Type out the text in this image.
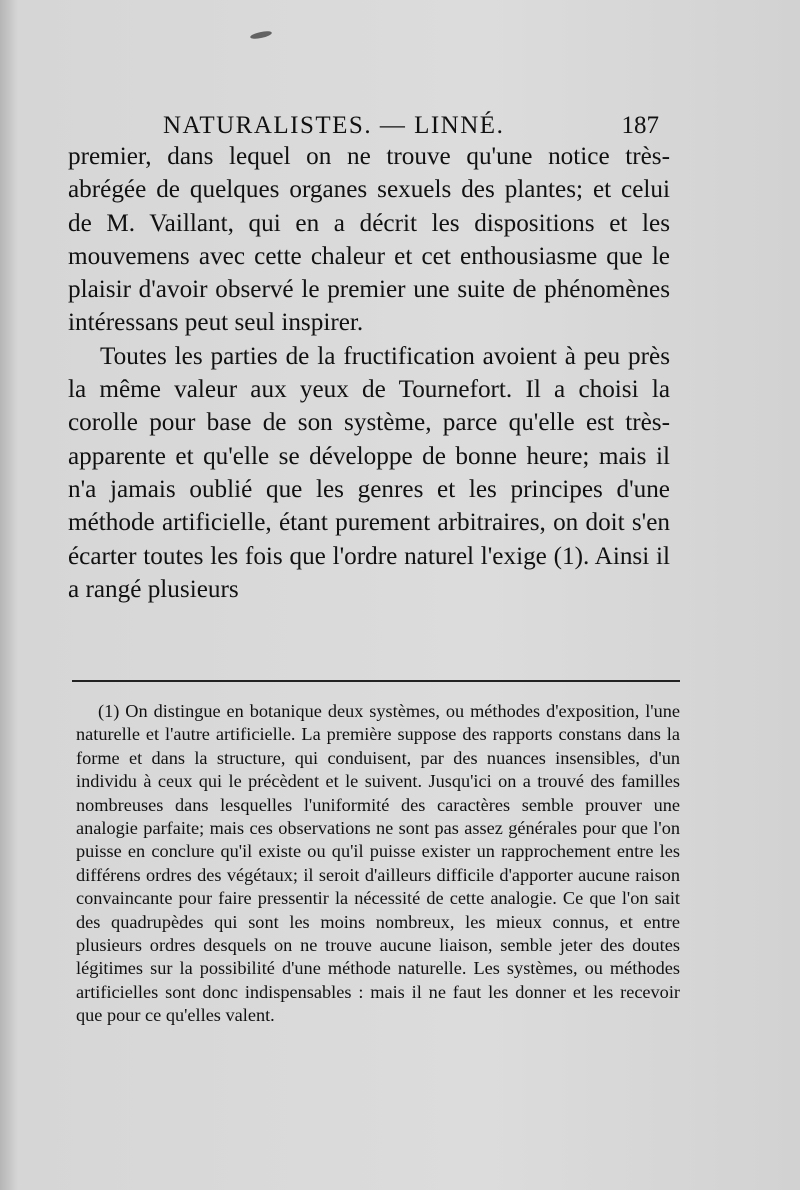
NATURALISTES. — LINNÉ.	187

premier, dans lequel on ne trouve qu'une notice très-abrégée de quelques organes sexuels des plantes; et celui de M. Vaillant, qui en a décrit les dispositions et les mouvemens avec cette chaleur et cet enthousiasme que le plaisir d'avoir observé le premier une suite de phénomènes intéressans peut seul inspirer.

Toutes les parties de la fructification avoient à peu près la même valeur aux yeux de Tournefort. Il a choisi la corolle pour base de son système, parce qu'elle est très-apparente et qu'elle se développe de bonne heure; mais il n'a jamais oublié que les genres et les principes d'une méthode artificielle, étant purement arbitraires, on doit s'en écarter toutes les fois que l'ordre naturel l'exige (1). Ainsi il a rangé plusieurs

(1) On distingue en botanique deux systèmes, ou méthodes d'exposition, l'une naturelle et l'autre artificielle. La première suppose des rapports constans dans la forme et dans la structure, qui conduisent, par des nuances insensibles, d'un individu à ceux qui le précèdent et le suivent. Jusqu'ici on a trouvé des familles nombreuses dans lesquelles l'uniformité des caractères semble prouver une analogie parfaite; mais ces observations ne sont pas assez générales pour que l'on puisse en conclure qu'il existe ou qu'il puisse exister un rapprochement entre les différens ordres des végétaux; il seroit d'ailleurs difficile d'apporter aucune raison convaincante pour faire pressentir la nécessité de cette analogie. Ce que l'on sait des quadrupèdes qui sont les moins nombreux, les mieux connus, et entre plusieurs ordres desquels on ne trouve aucune liaison, semble jeter des doutes légitimes sur la possibilité d'une méthode naturelle. Les systèmes, ou méthodes artificielles sont donc indispensables : mais il ne faut les donner et les recevoir que pour ce qu'elles valent.
